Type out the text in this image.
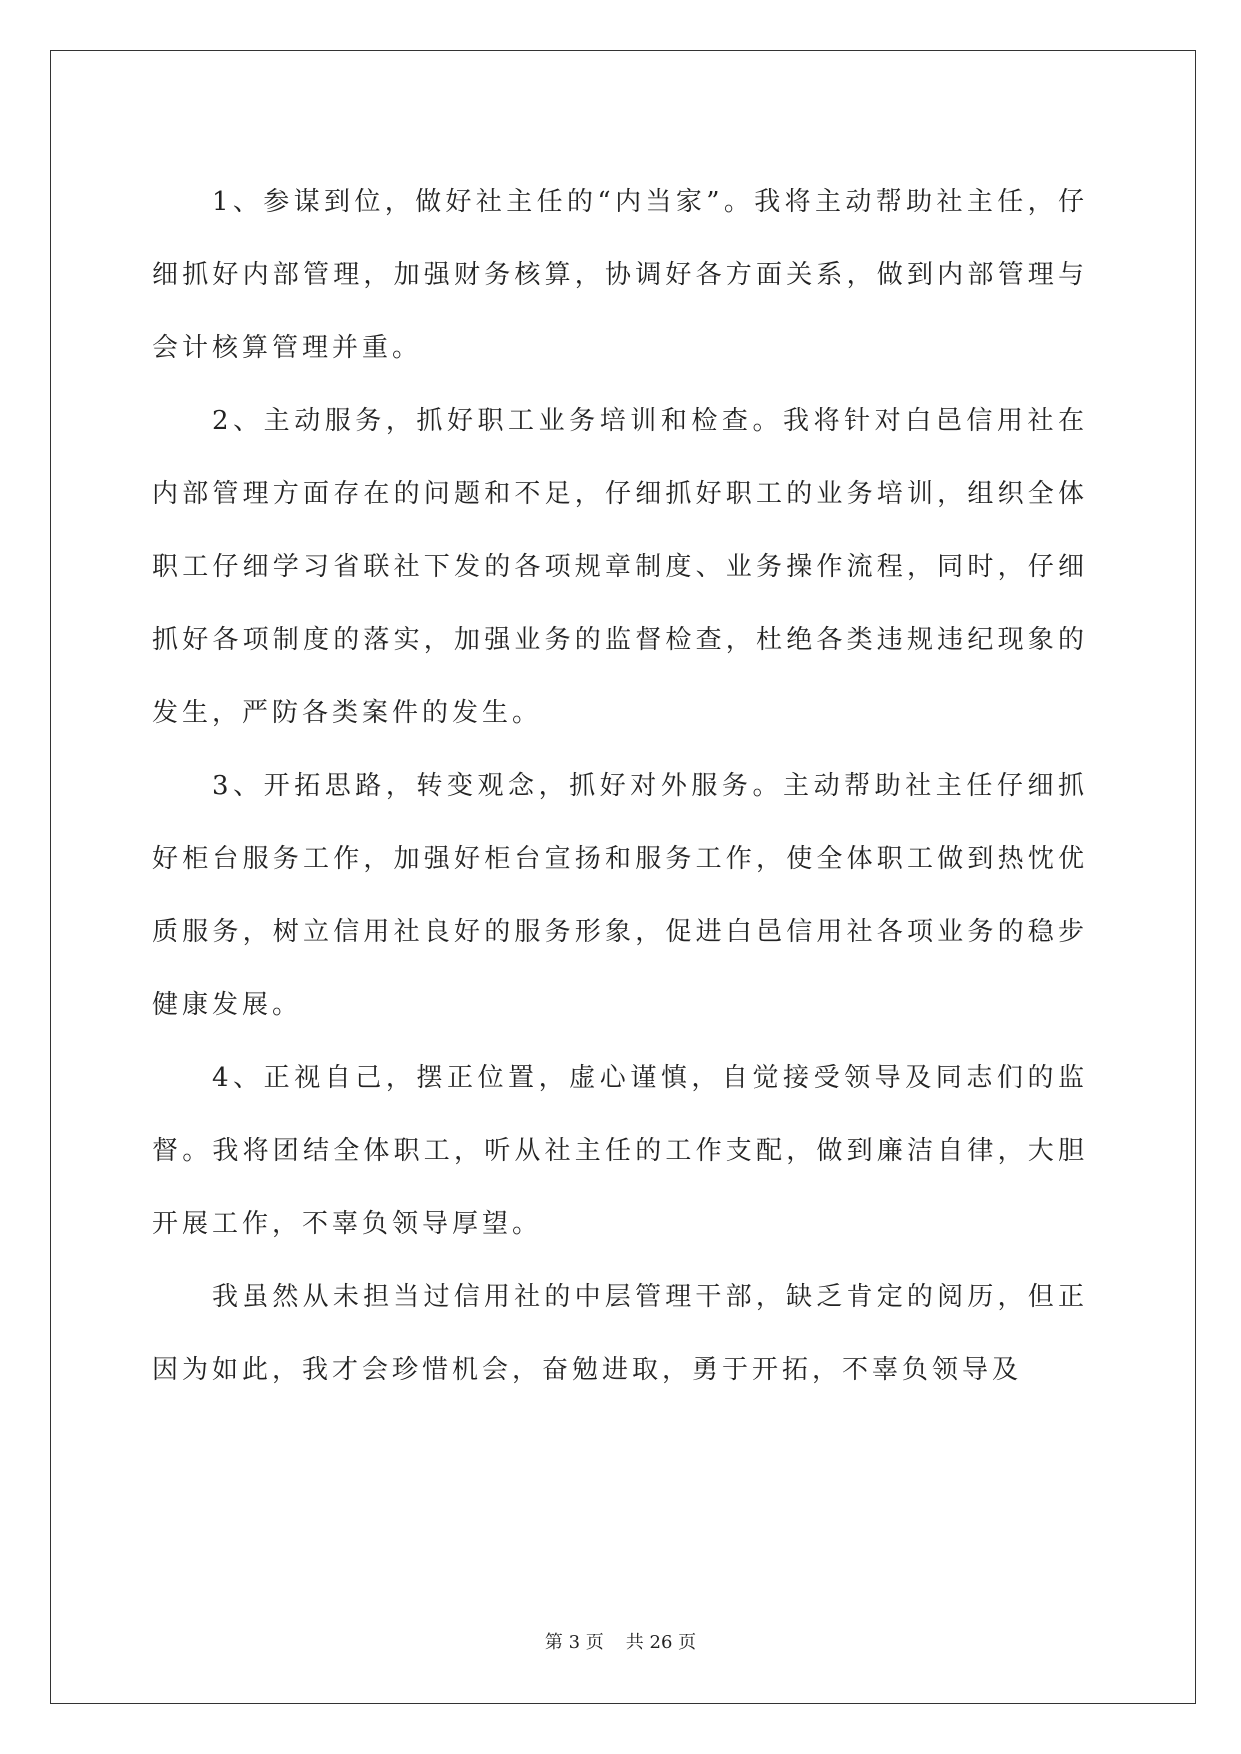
1、参谋到位，做好社主任的“内当家”。我将主动帮助社主任，仔细抓好内部管理，加强财务核算，协调好各方面关系，做到内部管理与会计核算管理并重。

2、主动服务，抓好职工业务培训和检查。我将针对白邑信用社在内部管理方面存在的问题和不足，仔细抓好职工的业务培训，组织全体职工仔细学习省联社下发的各项规章制度、业务操作流程，同时，仔细抓好各项制度的落实，加强业务的监督检查，杜绝各类违规违纪现象的发生，严防各类案件的发生。

3、开拓思路，转变观念，抓好对外服务。主动帮助社主任仔细抓好柜台服务工作，加强好柜台宣扬和服务工作，使全体职工做到热忱优质服务，树立信用社良好的服务形象，促进白邑信用社各项业务的稳步健康发展。

4、正视自己，摆正位置，虚心谨慎，自觉接受领导及同志们的监督。我将团结全体职工，听从社主任的工作支配，做到廉洁自律，大胆开展工作，不辜负领导厚望。

我虽然从未担当过信用社的中层管理干部，缺乏肯定的阅历，但正因为如此，我才会珍惜机会，奋勉进取，勇于开拓，不辜负领导及

第 3 页 共 26 页
